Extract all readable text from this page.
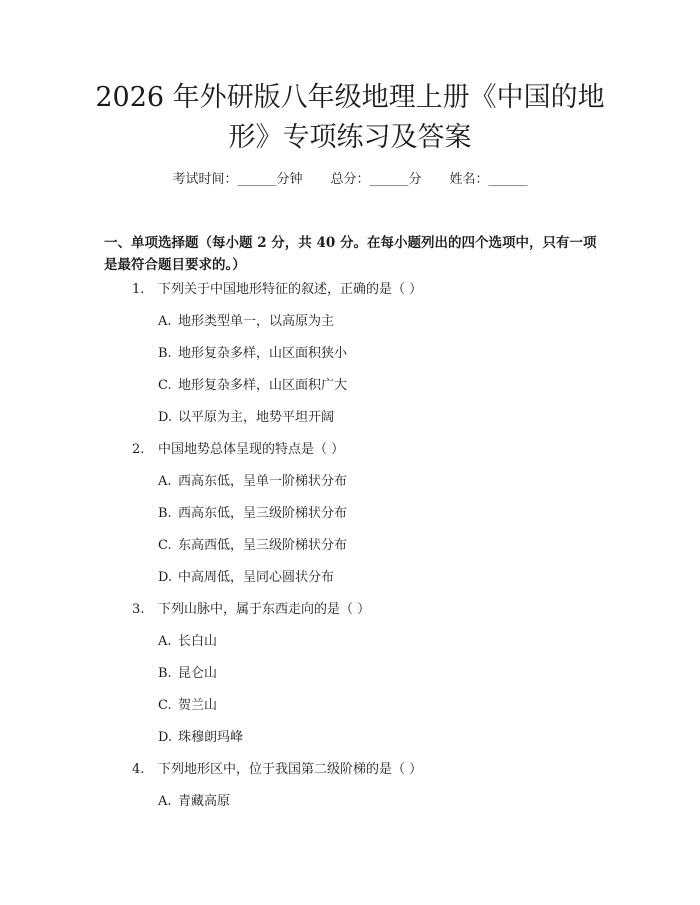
2026 年外研版八年级地理上册《中国的地
形》专项练习及答案
考试时间：______分钟 总分：______分 姓名：______

一、单项选择题（每小题 2 分，共 40 分。在每小题列出的四个选项中，只有一项是最符合题目要求的。）

1. 下列关于中国地形特征的叙述，正确的是（ ）
A. 地形类型单一，以高原为主
B. 地形复杂多样，山区面积狭小
C. 地形复杂多样，山区面积广大
D. 以平原为主，地势平坦开阔
2. 中国地势总体呈现的特点是（ ）
A. 西高东低，呈单一阶梯状分布
B. 西高东低，呈三级阶梯状分布
C. 东高西低，呈三级阶梯状分布
D. 中高周低，呈同心圆状分布
3. 下列山脉中，属于东西走向的是（ ）
A. 长白山
B. 昆仑山
C. 贺兰山
D. 珠穆朗玛峰
4. 下列地形区中，位于我国第二级阶梯的是（ ）
A. 青藏高原
